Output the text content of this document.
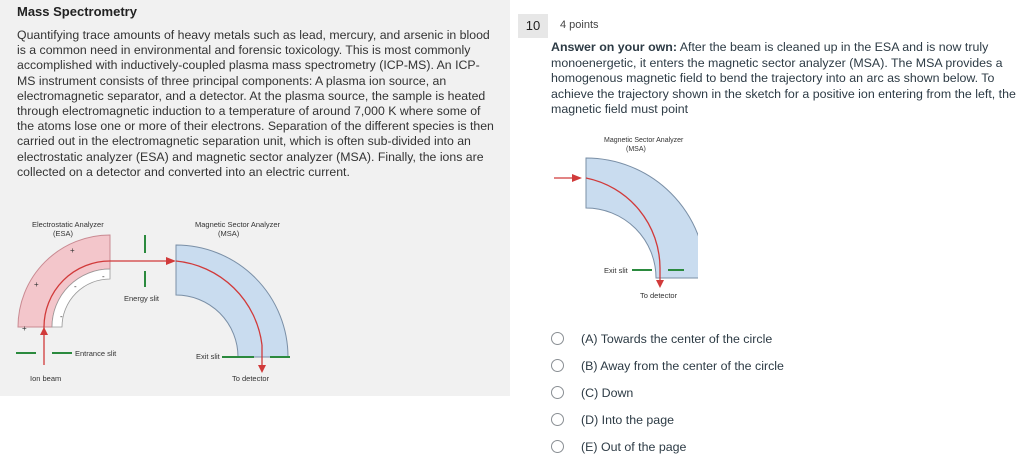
Mass Spectrometry

Quantifying trace amounts of heavy metals such as lead, mercury, and arsenic in blood is a common need in environmental and forensic toxicology. This is most commonly accomplished with inductively-coupled plasma mass spectrometry (ICP-MS). An ICP-MS instrument consists of three principal components: A plasma ion source, an electromagnetic separator, and a detector. At the plasma source, the sample is heated through electromagnetic induction to a temperature of around 7,000 K where some of the atoms lose one or more of their electrons. Separation of the different species is then carried out in the electromagnetic separation unit, which is often sub-divided into an electrostatic analyzer (ESA) and magnetic sector analyzer (MSA). Finally, the ions are collected on a detector and converted into an electric current.

+
+
+
-
-
-
Electrostatic Analyzer
(ESA)
Magnetic Sector Analyzer
(MSA)
Energy slit
Entrance slit	Exit slit
Ion beam	To detector
10	4 points

Answer on your own: After the beam is cleaned up in the ESA and is now truly monoenergetic, it enters the magnetic sector analyzer (MSA). The MSA provides a homogenous magnetic field to bend the trajectory into an arc as shown below. To achieve the trajectory shown in the sketch for a positive ion entering from the left, the magnetic field must point

Magnetic Sector Analyzer
(MSA)
Exit slit
To detector
(A) Towards the center of the circle
(B) Away from the center of the circle
(C) Down
(D) Into the page
(E) Out of the page
